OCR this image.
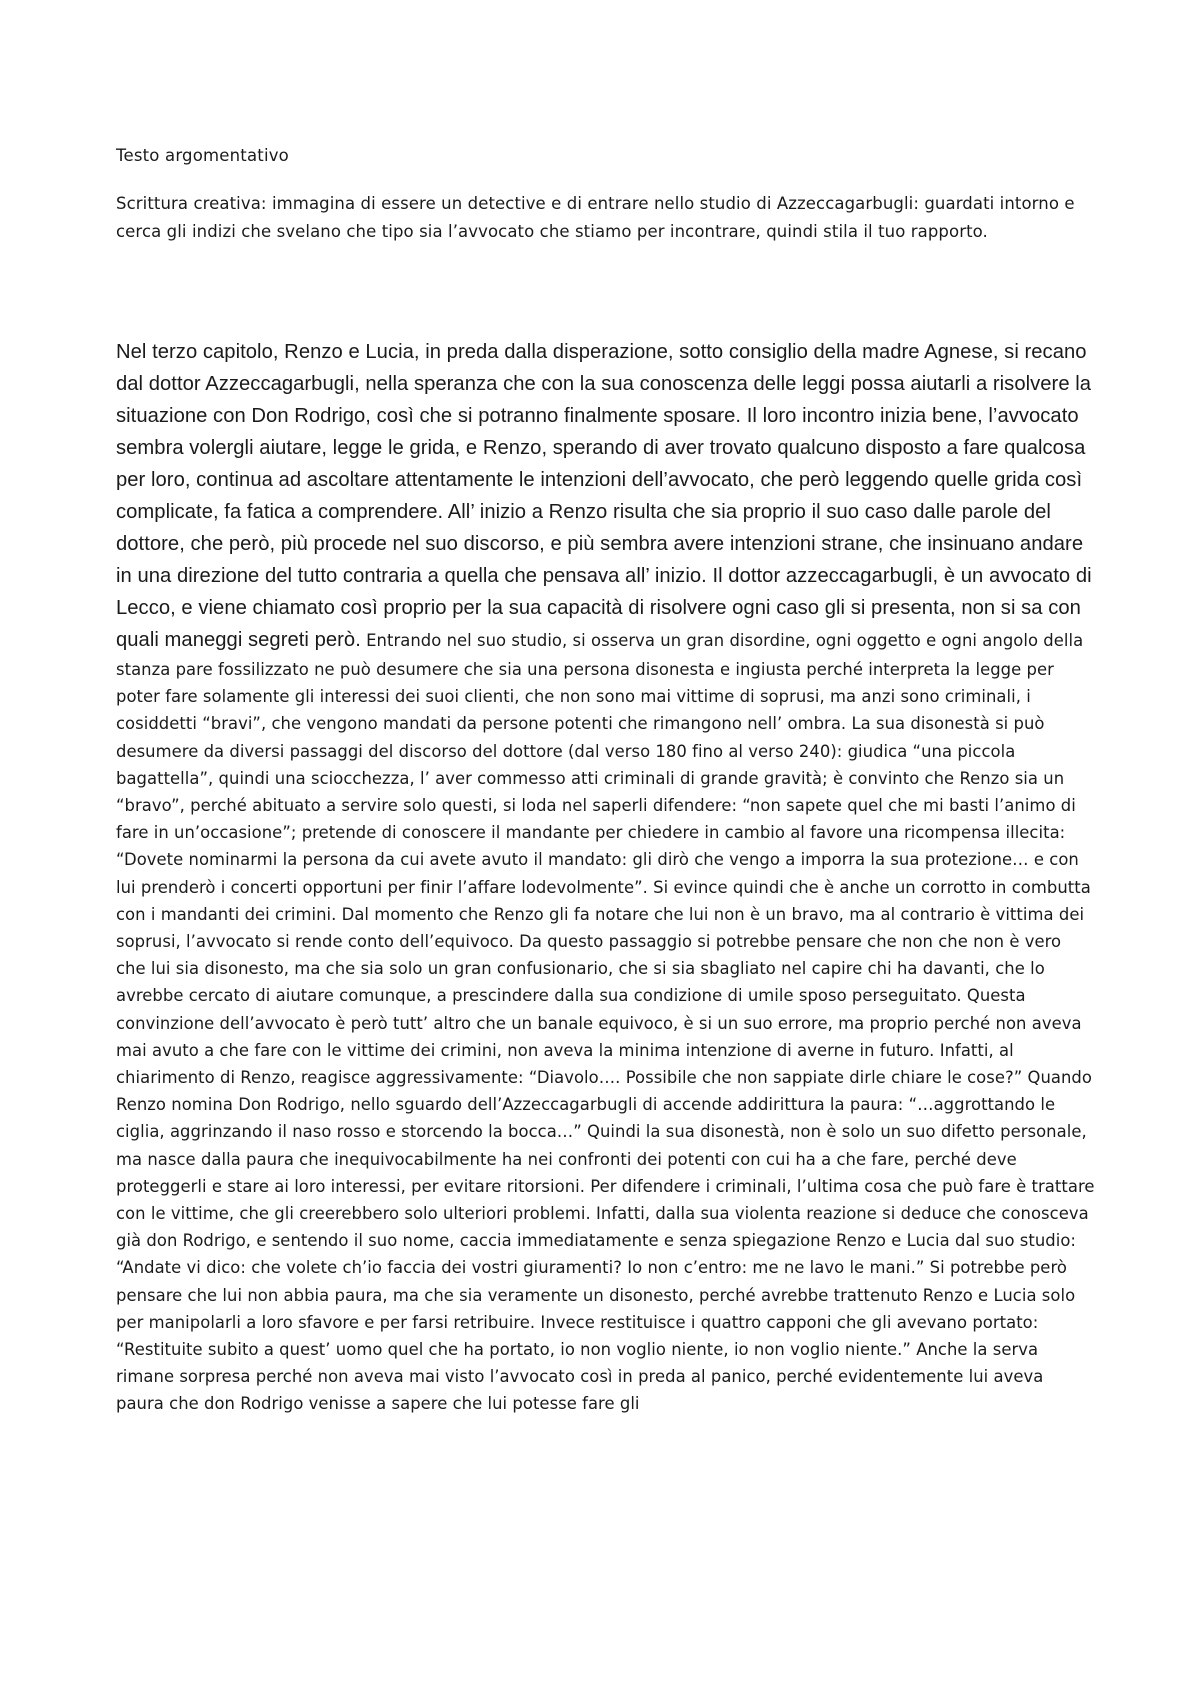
Testo argomentativo
Scrittura creativa: immagina di essere un detective e di entrare nello studio di Azzeccagarbugli: guardati intorno e cerca gli indizi che svelano che tipo sia l’avvocato che stiamo per incontrare, quindi stila il tuo rapporto.
Nel terzo capitolo, Renzo e Lucia, in preda dalla disperazione, sotto consiglio della madre Agnese, si recano dal dottor Azzeccagarbugli, nella speranza che con la sua conoscenza delle leggi possa aiutarli a risolvere la situazione con Don Rodrigo, così che si potranno finalmente sposare. Il loro incontro inizia bene, l’avvocato sembra volergli aiutare, legge le grida, e Renzo, sperando di aver trovato qualcuno disposto a fare qualcosa per loro, continua ad ascoltare attentamente le intenzioni dell’avvocato, che però leggendo quelle grida così complicate, fa fatica a comprendere. All’ inizio a Renzo risulta che sia proprio il suo caso dalle parole del dottore, che però, più procede nel suo discorso, e più sembra avere intenzioni strane, che insinuano andare in una direzione del tutto contraria a quella che pensava all’ inizio. Il dottor azzeccagarbugli, è un avvocato di Lecco, e viene chiamato così proprio per la sua capacità di risolvere ogni caso gli si presenta, non si sa con quali maneggi segreti però. Entrando nel suo studio, si osserva un gran disordine, ogni oggetto e ogni angolo della stanza pare fossilizzato ne può desumere che sia una persona disonesta e ingiusta perché interpreta la legge per poter fare solamente gli interessi dei suoi clienti, che non sono mai vittime di soprusi, ma anzi sono criminali, i cosiddetti “bravi”, che vengono mandati da persone potenti che rimangono nell’ ombra. La sua disonestà si può desumere da diversi passaggi del discorso del dottore (dal verso 180 fino al verso 240): giudica “una piccola bagattella”, quindi una sciocchezza, l’ aver commesso atti criminali di grande gravità; è convinto che Renzo sia un “bravo”, perché abituato a servire solo questi, si loda nel saperli difendere: “non sapete quel che mi basti l’animo di fare in un’occasione”; pretende di conoscere il mandante per chiedere in cambio al favore una ricompensa illecita: “Dovete nominarmi la persona da cui avete avuto il mandato: gli dirò che vengo a imporra la sua protezione… e con lui prenderò i concerti opportuni per finir l’affare lodevolmente”. Si evince quindi che è anche un corrotto in combutta con i mandanti dei crimini. Dal momento che Renzo gli fa notare che lui non è un bravo, ma al contrario è vittima dei soprusi, l’avvocato si rende conto dell’equivoco. Da questo passaggio si potrebbe pensare che non che non è vero che lui sia disonesto, ma che sia solo un gran confusionario, che si sia sbagliato nel capire chi ha davanti, che lo avrebbe cercato di aiutare comunque, a prescindere dalla sua condizione di umile sposo perseguitato. Questa convinzione dell’avvocato è però tutt’ altro che un banale equivoco, è si un suo errore, ma proprio perché non aveva mai avuto a che fare con le vittime dei crimini, non aveva la minima intenzione di averne in futuro. Infatti, al chiarimento di Renzo, reagisce aggressivamente: “Diavolo…. Possibile che non sappiate dirle chiare le cose?” Quando Renzo nomina Don Rodrigo, nello sguardo dell’Azzeccagarbugli di accende addirittura la paura: “…aggrottando le ciglia, aggrinzando il naso rosso e storcendo la bocca…” Quindi la sua disonestà, non è solo un suo difetto personale, ma nasce dalla paura che inequivocabilmente ha nei confronti dei potenti con cui ha a che fare, perché deve proteggerli e stare ai loro interessi, per evitare ritorsioni. Per difendere i criminali, l’ultima cosa che può fare è trattare con le vittime, che gli creerebbero solo ulteriori problemi. Infatti, dalla sua violenta reazione si deduce che conosceva già don Rodrigo, e sentendo il suo nome, caccia immediatamente e senza spiegazione Renzo e Lucia dal suo studio: “Andate vi dico: che volete ch’io faccia dei vostri giuramenti? Io non c’entro: me ne lavo le mani.” Si potrebbe però pensare che lui non abbia paura, ma che sia veramente un disonesto, perché avrebbe trattenuto Renzo e Lucia solo per manipolarli a loro sfavore e per farsi retribuire. Invece restituisce i quattro capponi che gli avevano portato: “Restituite subito a quest’ uomo quel che ha portato, io non voglio niente, io non voglio niente.” Anche la serva rimane sorpresa perché non aveva mai visto l’avvocato così in preda al panico, perché evidentemente lui aveva paura che don Rodrigo venisse a sapere che lui potesse fare gli
